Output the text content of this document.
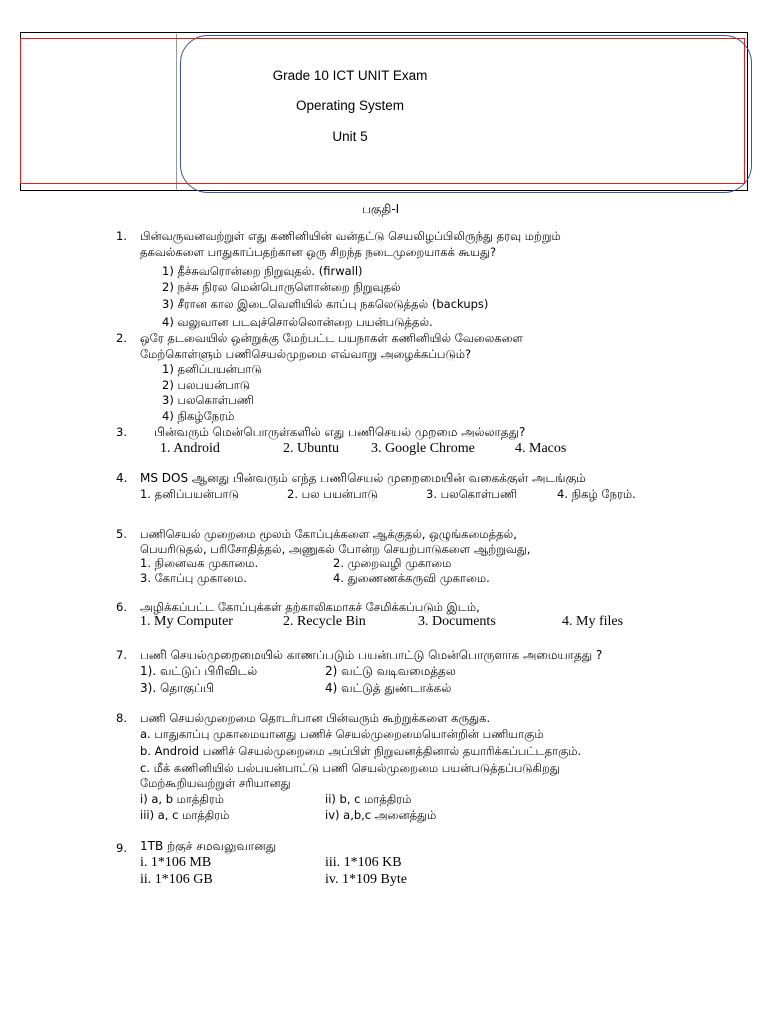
Grade 10 ICT UNIT Exam
Operating System
Unit 5
பகுதி-I
1. பின்வருவனவற்றுள் எது கணினியின் வன்தட்டு செயலிழப்பிலிருந்து தரவு மற்றும்
தகவல்களை பாதுகாப்பதற்கான ஒரு சிறந்த நடைமுறையாகக் கூயது?
1) தீச்சுவரொன்றை நிறுவுதல். (firwall)
2) நச்சு நிரல மென்பொருளொன்றை நிறுவுதல்
3) சீரான கால இடைவெளியில் காப்பு நகலெடுத்தல் (backups)
4) வலுவான படவுச்சொல்லொன்றை பயன்படுத்தல்.
2. ஒரே தடவையில் ஒன்றுக்கு மேற்பட்ட பயநாகள் கணினியில் வேலைகளை
மேற்கொள்ளும் பணிசெயல்முறமை எவ்வாறு அழைக்கப்படும்?
1) தனிப்பயன்பாடு
2) பலபயன்பாடு
3) பலகொள்பணி
4) நிகழ்நேரம்
3. பின்வரும் மென்பொருள்களில் எது பணிசெயல் முறமை அல்லாதது?
1. Android	2. Ubuntu 3. Google Chrome	4. Macos
4. MS DOS ஆனது பின்வரும் எந்த பணிசெயல் முறைமையின் வகைக்குள் அடங்கும்
1. தனிப்பயன்பாடு	2. பல பயன்பாடு	3. பலகொள்பணி	4. நிகழ் நேரம்.
5. பணிசெயல் முறைமை மூலம் கோப்புக்களை ஆக்குதல், ஒழுங்கமைத்தல்,
பெயரிடுதல், பரிசோதித்தல், அணுகல் போன்ற செயற்பாடுகளை ஆற்றுவது,
1. நினைவக முகாமை.	2. முறைவழி முகாமை
3. கோப்பு முகாமை.	4. துணைணக்கருவி முகாமை.
6. அழிக்கப்பட்ட கோப்புக்கள் தற்காலிகமாகச் சேமிக்கப்படும் இடம்,
1. My Computer	2. Recycle Bin	3. Documents	4. My files
7. பணி செயல்முறைமையில் காணப்படும் பயன்பாட்டு மென்பொருளாக அமையாதது ?
1). வட்டுப் பிரிவிடல்	2) வட்டு வடிவமைத்தல
3). தொகுப்பி	4) வட்டுத் துண்டாக்கல்
8. பணி செயல்முறைமை தொடர்பான பின்வரும் கூற்றுக்களை கருதுக.
a. பாதுகாப்பு முகாமையானது பணிச் செயல்முறைமையொன்றின் பணியாகும்
b. Android பணிச் செயல்முறைமை அப்பிள் நிறுவனத்தினால் தயாரிக்கப்பட்டதாகும்.
c. மீக் கணினியில் பல்பயன்பாட்டு பணி செயல்முறைமை பயன்படுத்தப்படுகிறது
மேற்கூறியவற்றுள் சரியானது
i) a, b மாத்திரம்	ii) b, c மாத்திரம்
iii) a, c மாத்திரம்	iv) a,b,c அனைத்தும்
9. 1TB ற்குச் சமவலுவானது
i. 1*106 MB	iii. 1*106 KB
ii. 1*106 GB	iv. 1*109 Byte
